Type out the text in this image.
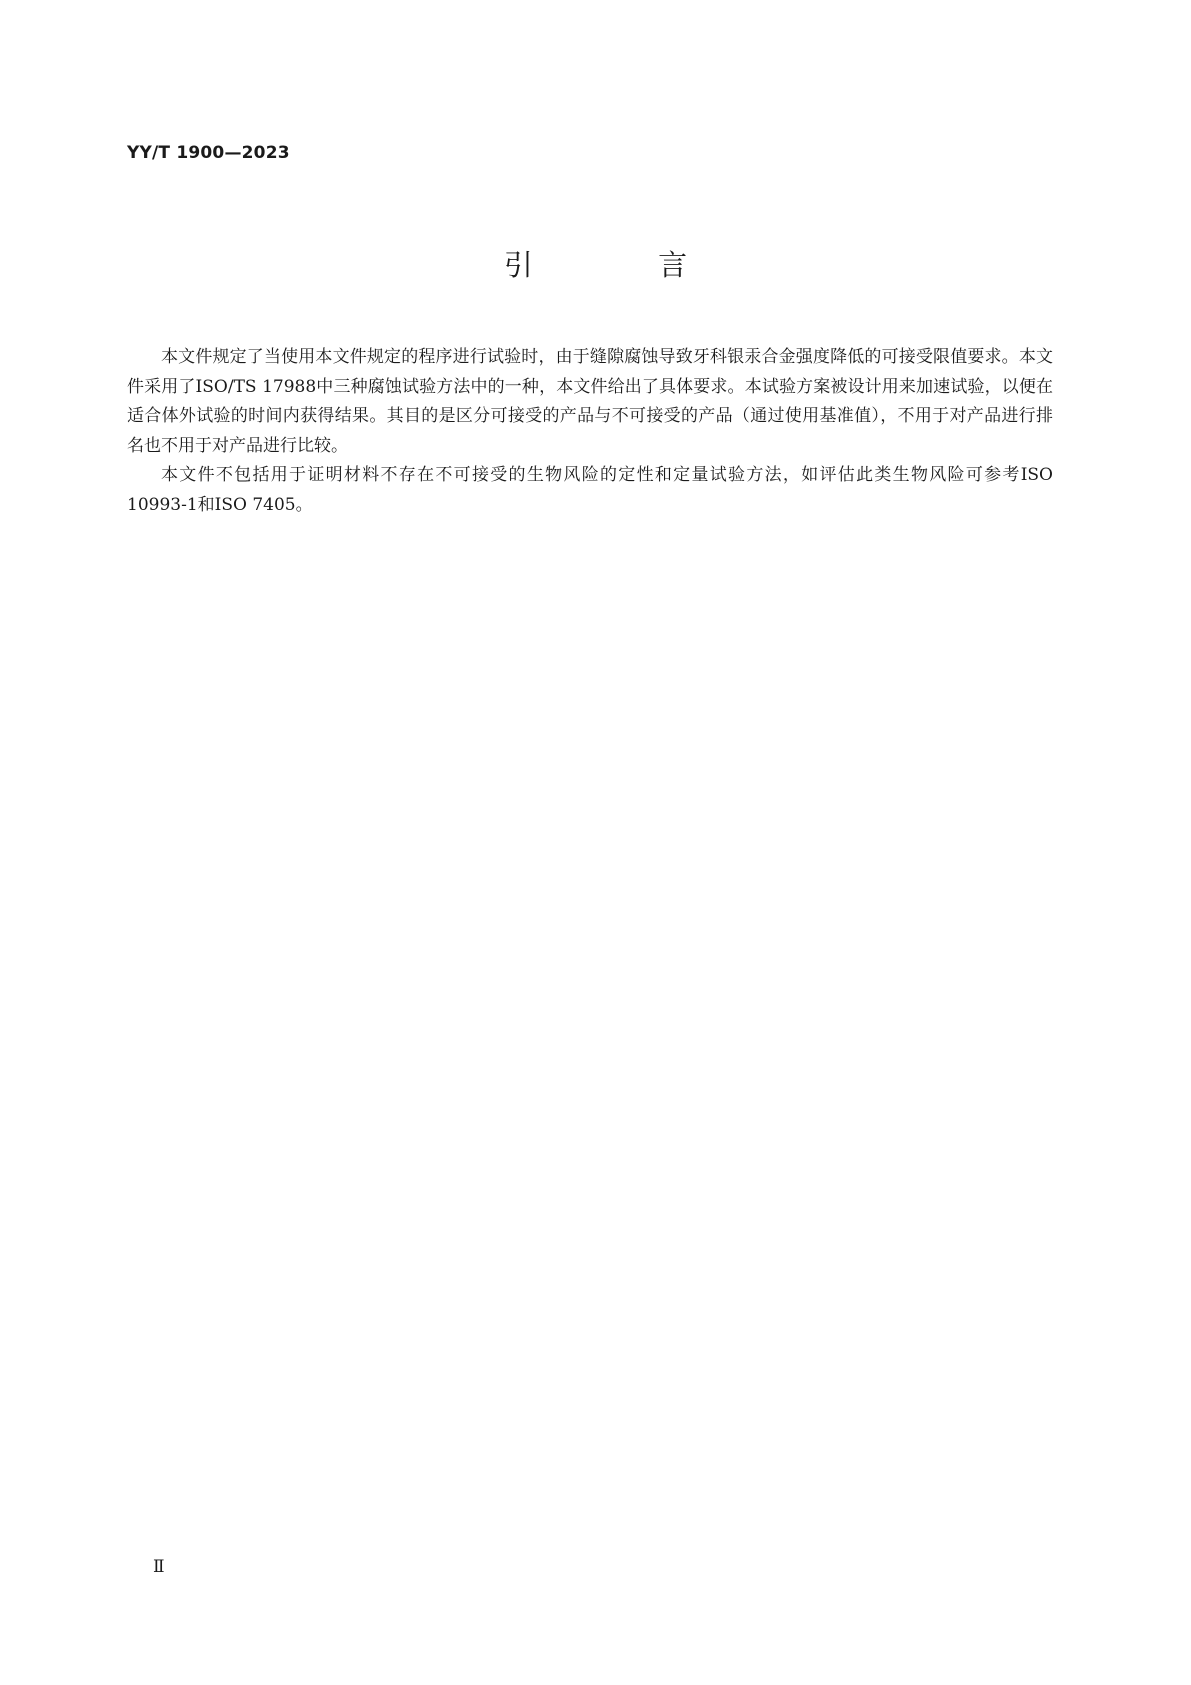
YY/T 1900—2023
引 言

本文件规定了当使用本文件规定的程序进行试验时，由于缝隙腐蚀导致牙科银汞合金强度降低的可接受限值要求。本文件采用了ISO/TS 17988中三种腐蚀试验方法中的一种，本文件给出了具体要求。本试验方案被设计用来加速试验，以便在适合体外试验的时间内获得结果。其目的是区分可接受的产品与不可接受的产品（通过使用基准值），不用于对产品进行排名也不用于对产品进行比较。

本文件不包括用于证明材料不存在不可接受的生物风险的定性和定量试验方法，如评估此类生物风险可参考ISO 10993-1和ISO 7405。

Ⅱ
